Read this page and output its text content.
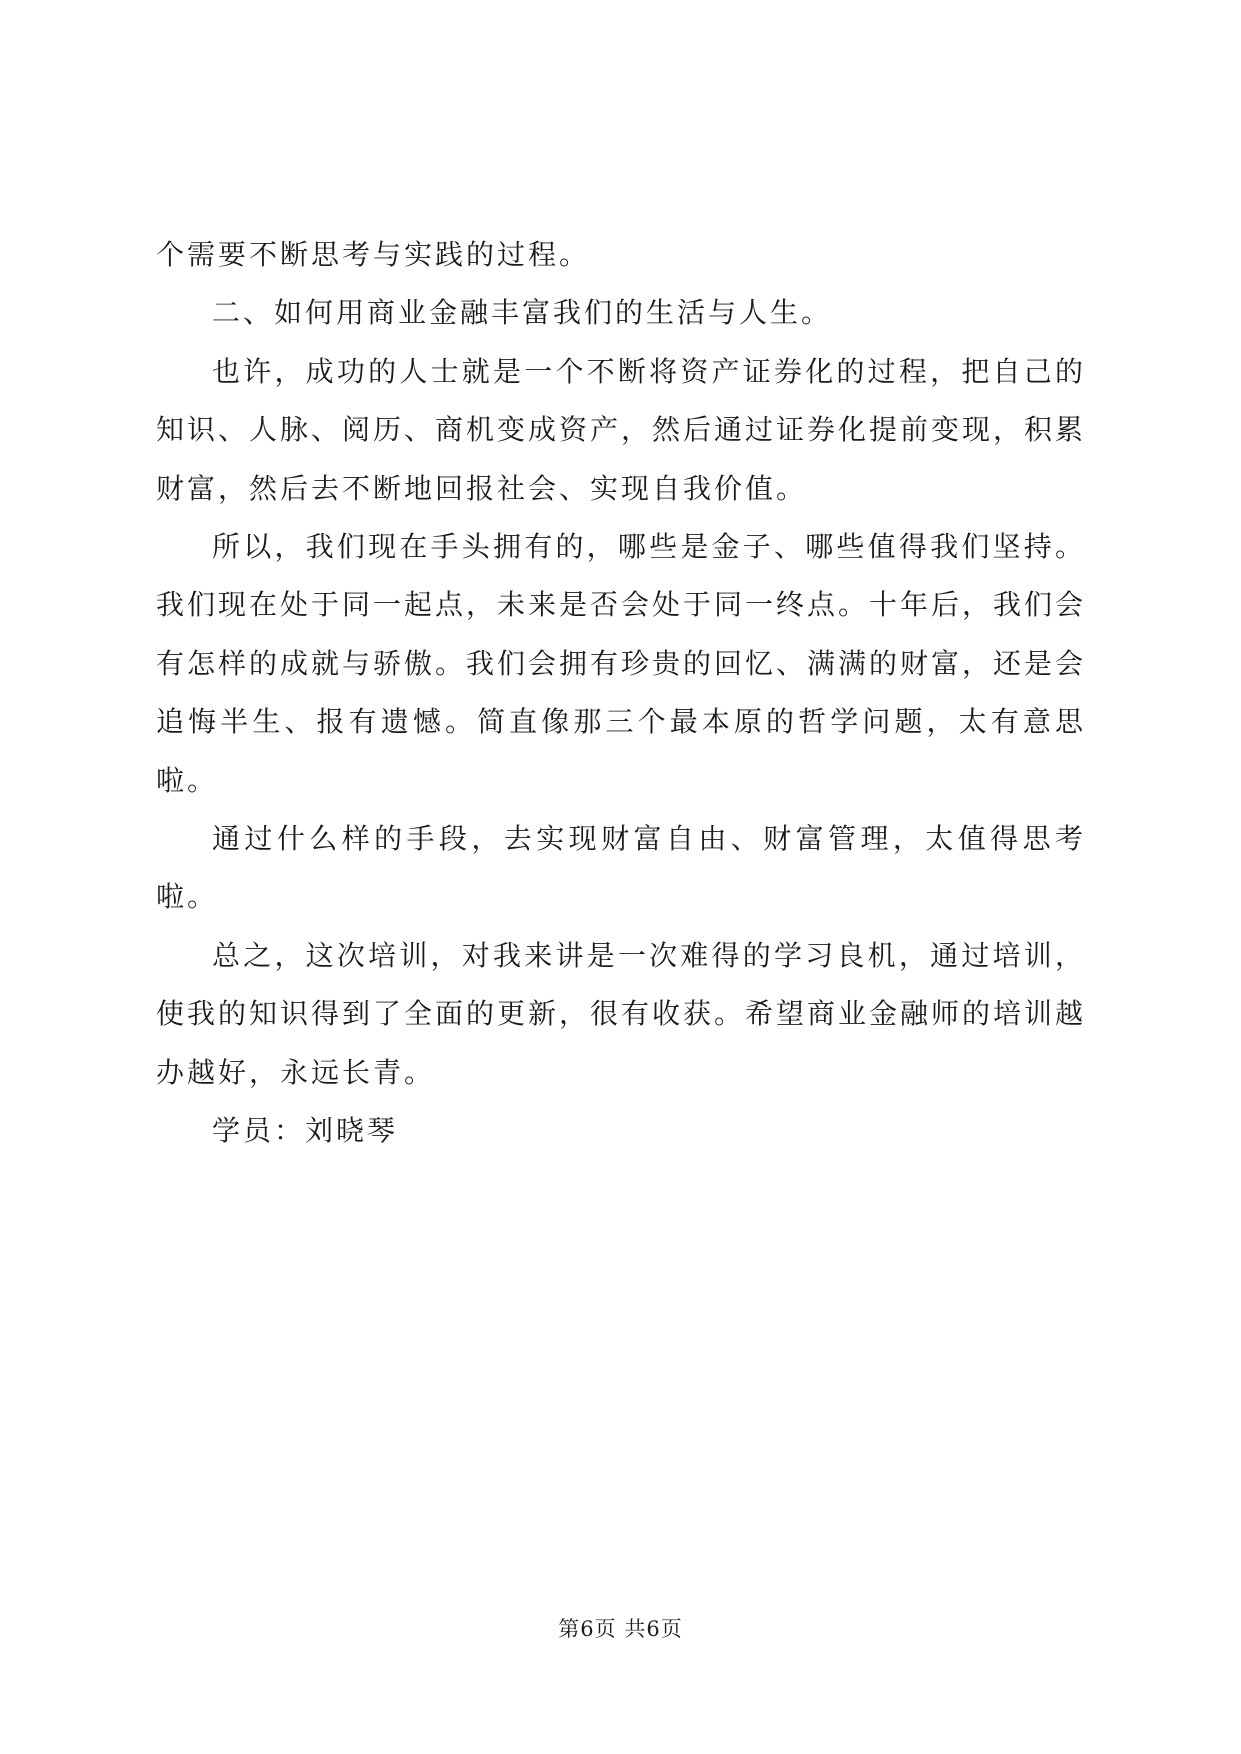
个需要不断思考与实践的过程。

二、如何用商业金融丰富我们的生活与人生。

也许，成功的人士就是一个不断将资产证券化的过程，把自己的知识、人脉、阅历、商机变成资产，然后通过证券化提前变现，积累财富，然后去不断地回报社会、实现自我价值。

所以，我们现在手头拥有的，哪些是金子、哪些值得我们坚持。我们现在处于同一起点，未来是否会处于同一终点。十年后，我们会有怎样的成就与骄傲。我们会拥有珍贵的回忆、满满的财富，还是会追悔半生、报有遗憾。简直像那三个最本原的哲学问题，太有意思啦。

通过什么样的手段，去实现财富自由、财富管理，太值得思考啦。

总之，这次培训，对我来讲是一次难得的学习良机，通过培训，使我的知识得到了全面的更新，很有收获。希望商业金融师的培训越办越好，永远长青。

学员：刘晓琴

第6页 共6页
